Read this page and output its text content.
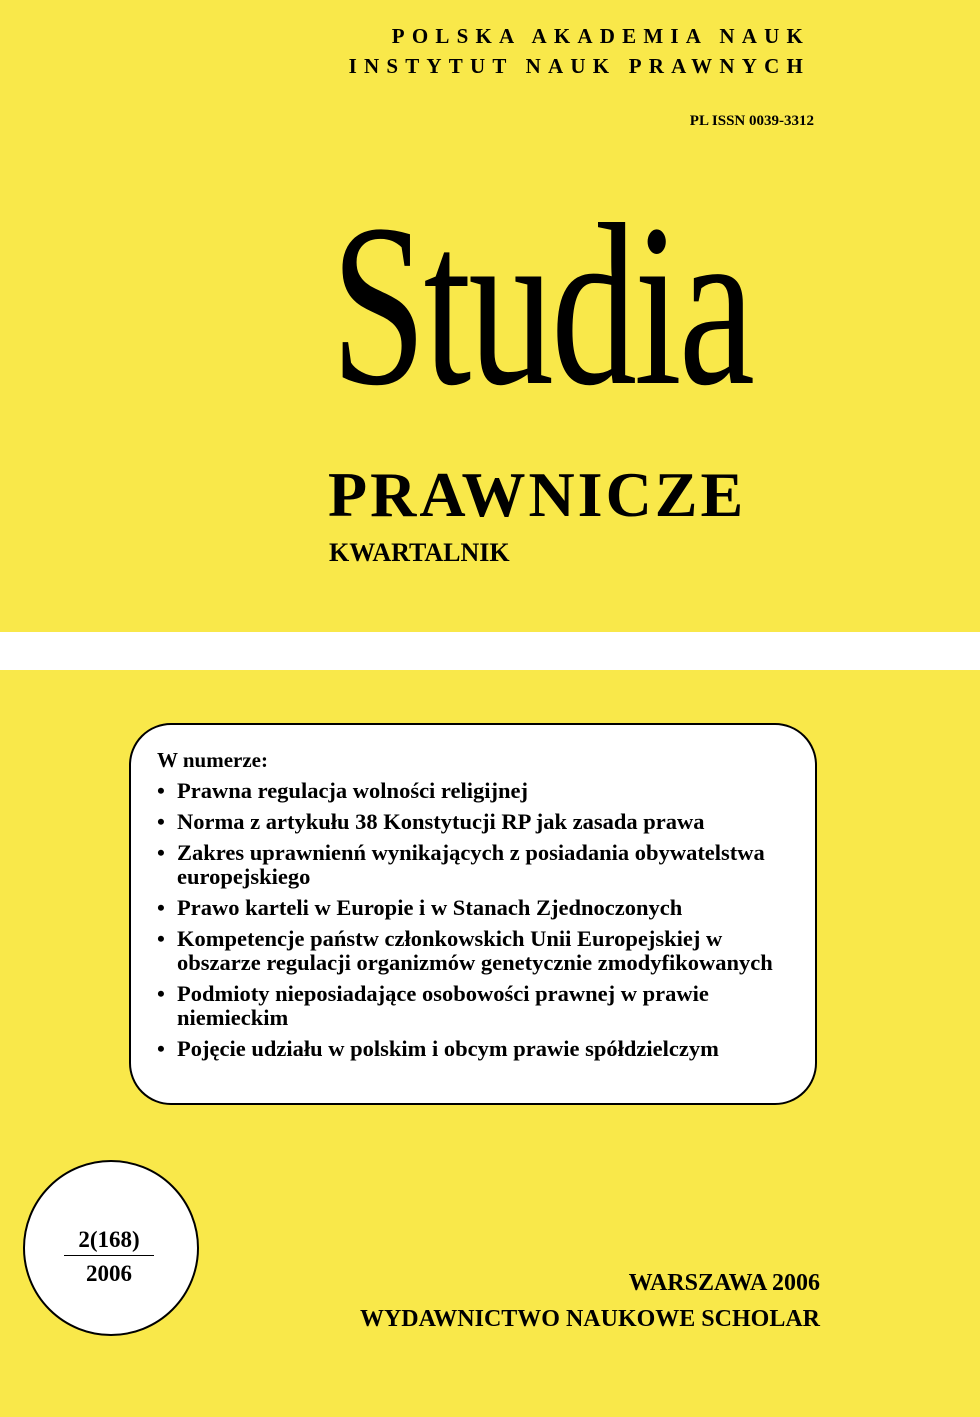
POLSKA AKADEMIA NAUK
INSTYTUT NAUK PRAWNYCH
PL ISSN 0039-3312
Studia
PRAWNICZE
KWARTALNIK
W numerze:
• Prawna regulacja wolności religijnej
• Norma z artykułu 38 Konstytucji RP jak zasada prawa
• Zakres uprawnienń wynikających z posiadania obywatelstwa europejskiego
• Prawo karteli w Europie i w Stanach Zjednoczonych
• Kompetencje państw członkowskich Unii Europejskiej w obszarze regulacji organizmów genetycznie zmodyfikowanych
• Podmioty nieposiadające osobowości prawnej w prawie niemieckim
• Pojęcie udziału w polskim i obcym prawie spółdzielczym
2(168)
2006	WARSZAWA 2006
WYDAWNICTWO NAUKOWE SCHOLAR
